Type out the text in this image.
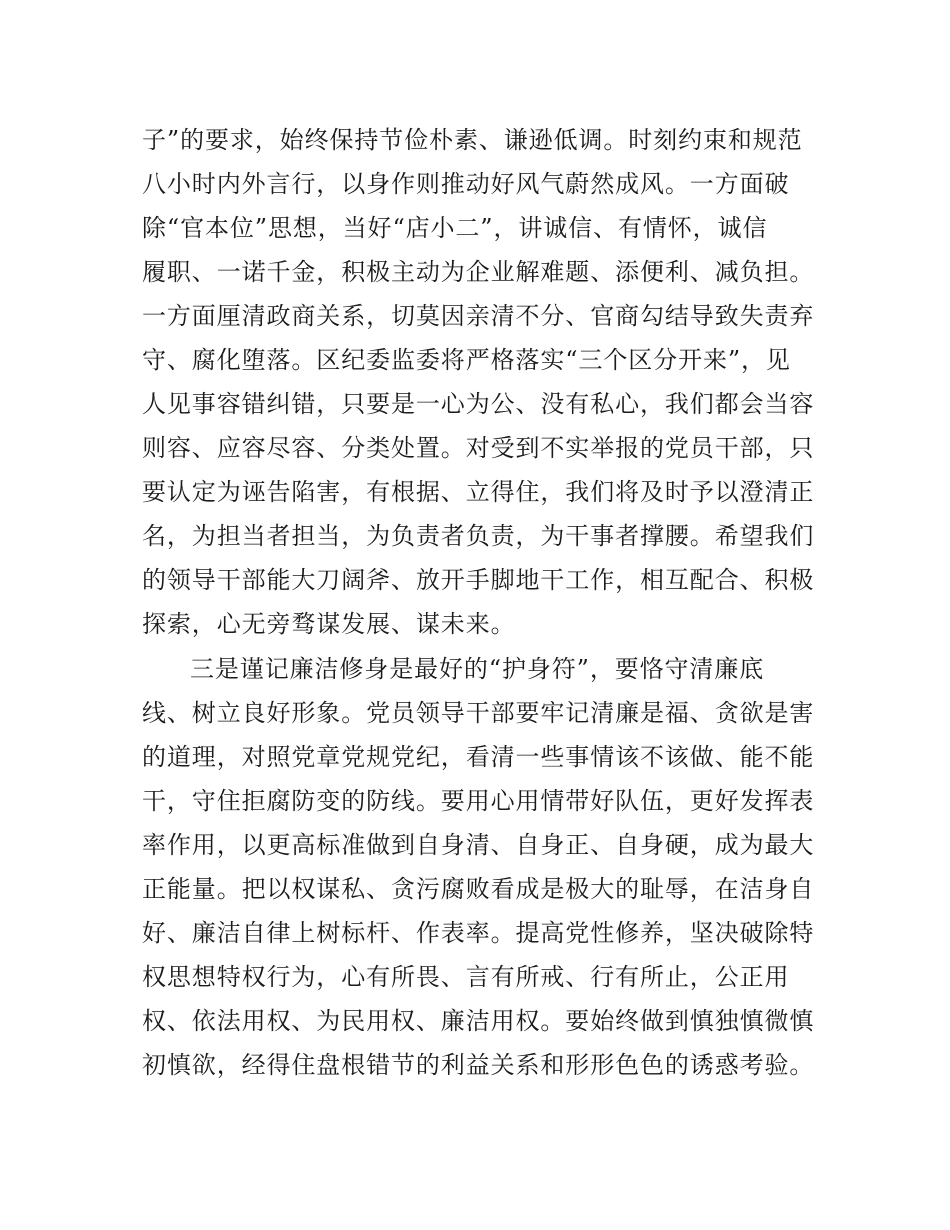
子”的要求，始终保持节俭朴素、谦逊低调。时刻约束和规范
八小时内外言行，以身作则推动好风气蔚然成风。一方面破
除“官本位”思想，当好“店小二”，讲诚信、有情怀，诚信
履职、一诺千金，积极主动为企业解难题、添便利、减负担。
一方面厘清政商关系，切莫因亲清不分、官商勾结导致失责弃
守、腐化堕落。区纪委监委将严格落实“三个区分开来”，见
人见事容错纠错，只要是一心为公、没有私心，我们都会当容
则容、应容尽容、分类处置。对受到不实举报的党员干部，只
要认定为诬告陷害，有根据、立得住，我们将及时予以澄清正
名，为担当者担当，为负责者负责，为干事者撑腰。希望我们
的领导干部能大刀阔斧、放开手脚地干工作，相互配合、积极
探索，心无旁骛谋发展、谋未来。

三是谨记廉洁修身是最好的“护身符”，要恪守清廉底
线、树立良好形象。党员领导干部要牢记清廉是福、贪欲是害
的道理，对照党章党规党纪，看清一些事情该不该做、能不能
干，守住拒腐防变的防线。要用心用情带好队伍，更好发挥表
率作用，以更高标准做到自身清、自身正、自身硬，成为最大
正能量。把以权谋私、贪污腐败看成是极大的耻辱，在洁身自
好、廉洁自律上树标杆、作表率。提高党性修养，坚决破除特
权思想特权行为，心有所畏、言有所戒、行有所止，公正用
权、依法用权、为民用权、廉洁用权。要始终做到慎独慎微慎
初慎欲，经得住盘根错节的利益关系和形形色色的诱惑考验。
